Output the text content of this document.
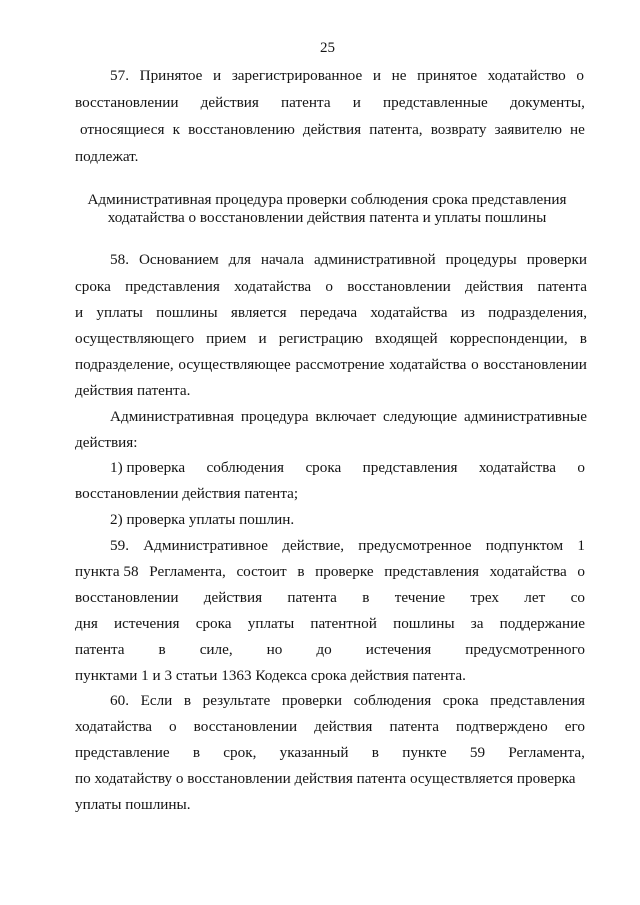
25
57. Принятое и зарегистрированное и не принятое ходатайство о
восстановлении действия патента и представленные документы,
относящиеся к восстановлению действия патента, возврату заявителю не
подлежат.
Административная процедура проверки соблюдения срока представления
ходатайства о восстановлении действия патента и уплаты пошлины
58. Основанием для начала административной процедуры проверки
срока представления ходатайства о восстановлении действия патента
и уплаты пошлины является передача ходатайства из подразделения,
осуществляющего прием и регистрацию входящей корреспонденции, в
подразделение, осуществляющее рассмотрение ходатайства о восстановлении
действия патента.
Административная процедура включает следующие административные
действия:
1) проверка соблюдения срока представления ходатайства о
восстановлении действия патента;
2) проверка уплаты пошлин.
59. Административное действие, предусмотренное подпунктом 1
пункта 58 Регламента, состоит в проверке представления ходатайства о
восстановлении действия патента в течение трех лет со
дня истечения срока уплаты патентной пошлины за поддержание
патента в силе, но до истечения предусмотренного
пунктами 1 и 3 статьи 1363 Кодекса срока действия патента.
60. Если в результате проверки соблюдения срока представления
ходатайства о восстановлении действия патента подтверждено его
представление в срок, указанный в пункте 59 Регламента,
по ходатайству о восстановлении действия патента осуществляется проверка
уплаты пошлины.
